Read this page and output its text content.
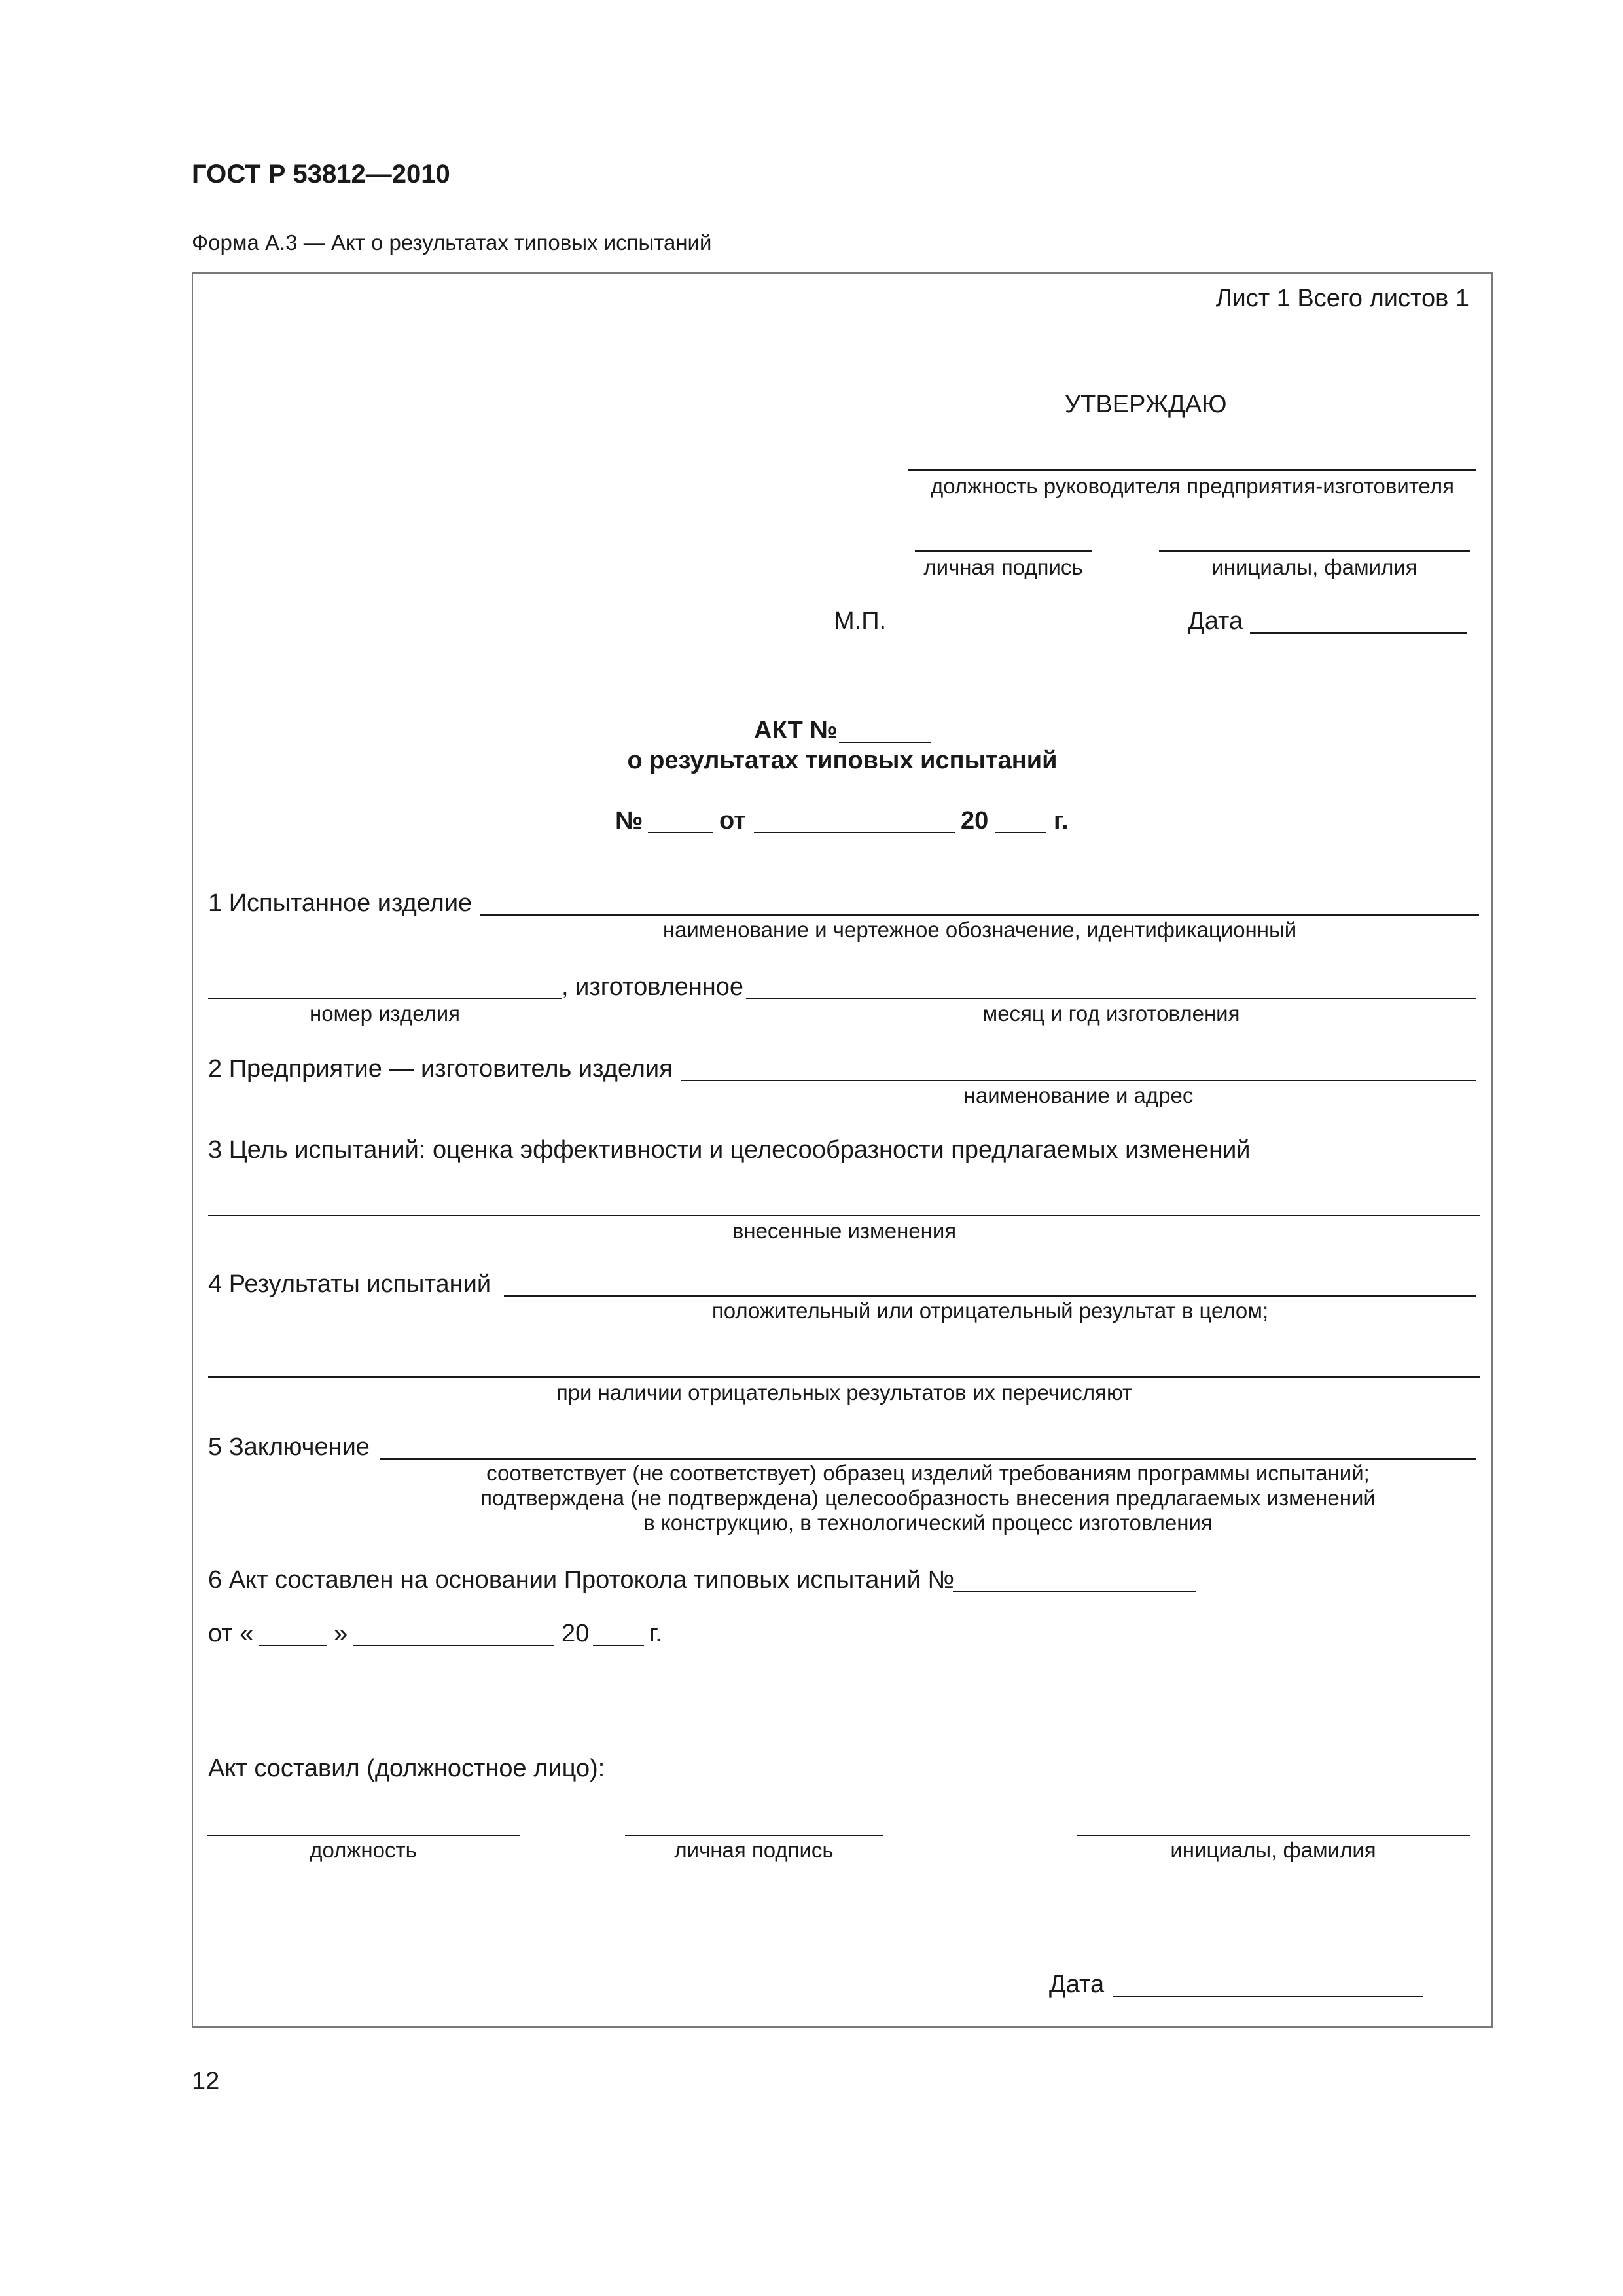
ГОСТ Р 53812—2010
Форма А.3 — Акт о результатах типовых испытаний
Лист 1 Всего листов 1
УТВЕРЖДАЮ
должность руководителя предприятия-изготовителя
личная подпись	инициалы, фамилия
М.П.	Дата
АКТ №
о результатах типовых испытаний
№	от	20	г.
1 Испытанное изделие
наименование и чертежное обозначение, идентификационный
, изготовленное
номер изделия	месяц и год изготовления
2 Предприятие — изготовитель изделия
наименование и адрес
3 Цель испытаний: оценка эффективности и целесообразности предлагаемых изменений
внесенные изменения
4 Результаты испытаний
положительный или отрицательный результат в целом;
при наличии отрицательных результатов их перечисляют
5 Заключение
соответствует (не соответствует) образец изделий требованиям программы испытаний;
подтверждена (не подтверждена) целесообразность внесения предлагаемых изменений
в конструкцию, в технологический процесс изготовления
6 Акт составлен на основании Протокола типовых испытаний №
от «	»	20 г.
Акт составил (должностное лицо):
должность	личная подпись	инициалы, фамилия
Дата
12
